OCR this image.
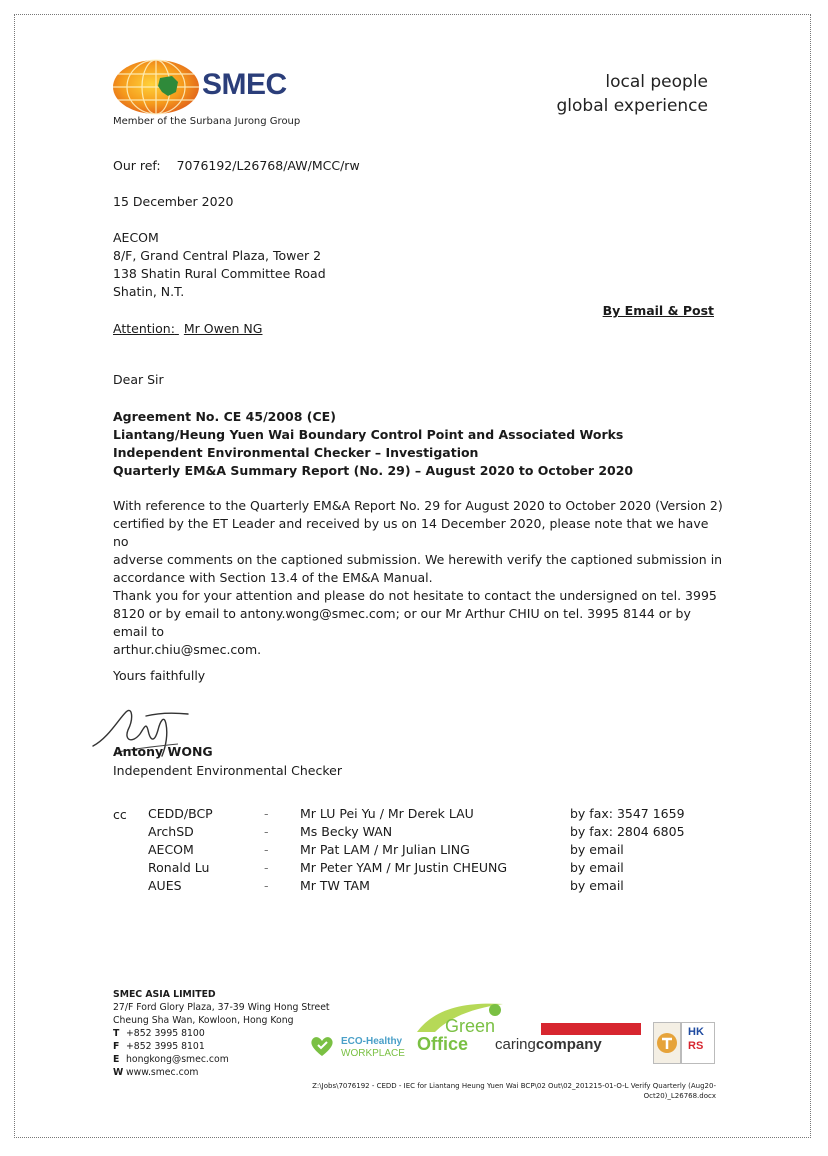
SMEC
Member of the Surbana Jurong Group
local people
global experience
Our ref: 7076192/L26768/AW/MCC/rw
15 December 2020
AECOM
8/F, Grand Central Plaza, Tower 2
138 Shatin Rural Committee Road
Shatin, N.T.
By Email & Post
Attention: Mr Owen NG
Dear Sir
Agreement No. CE 45/2008 (CE)
Liantang/Heung Yuen Wai Boundary Control Point and Associated Works
Independent Environmental Checker – Investigation
Quarterly EM&A Summary Report (No. 29) – August 2020 to October 2020
With reference to the Quarterly EM&A Report No. 29 for August 2020 to October 2020 (Version 2)
certified by the ET Leader and received by us on 14 December 2020, please note that we have no
adverse comments on the captioned submission. We herewith verify the captioned submission in
accordance with Section 13.4 of the EM&A Manual.
Thank you for your attention and please do not hesitate to contact the undersigned on tel. 3995
8120 or by email to antony.wong@smec.com; or our Mr Arthur CHIU on tel. 3995 8144 or by email to
arthur.chiu@smec.com.
Yours faithfully
Antony WONG
Independent Environmental Checker
cc CEDD/BCP	-	Mr LU Pei Yu / Mr Derek LAU	by fax: 3547 1659
ArchSD	-	Ms Becky WAN	by fax: 2804 6805
AECOM	-	Mr Pat LAM / Mr Julian LING	by email
Ronald Lu	-	Mr Peter YAM / Mr Justin CHEUNG	by email
AUES	-	Mr TW TAM	by email
SMEC ASIA LIMITED
27/F Ford Glory Plaza, 37-39 Wing Hong Street
Cheung Sha Wan, Kowloon, Hong Kong
T +852 3995 8100
F +852 3995 8101
E hongkong@smec.com
W www.smec.com
ECO-Healthy
WORKPLACE
Green
Office caringcompany
HK
RS
Z:\Jobs\7076192 - CEDD - IEC for Liantang Heung Yuen Wai BCP\02 Out\02_201215-01-O-L Verify Quarterly (Aug20-
Oct20)_L26768.docx
